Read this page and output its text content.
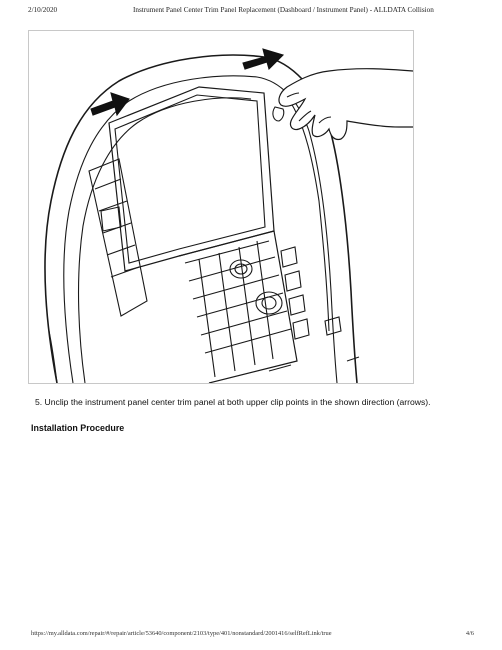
2/10/2020	Instrument Panel Center Trim Panel Replacement (Dashboard / Instrument Panel) - ALLDATA Collision
5. Unclip the instrument panel center trim panel at both upper clip points in the shown direction (arrows).
Installation Procedure
https://my.alldata.com/repair/#/repair/article/53640/component/2103/type/401/nonstandard/2001416/selfRefLink/true	4/6
